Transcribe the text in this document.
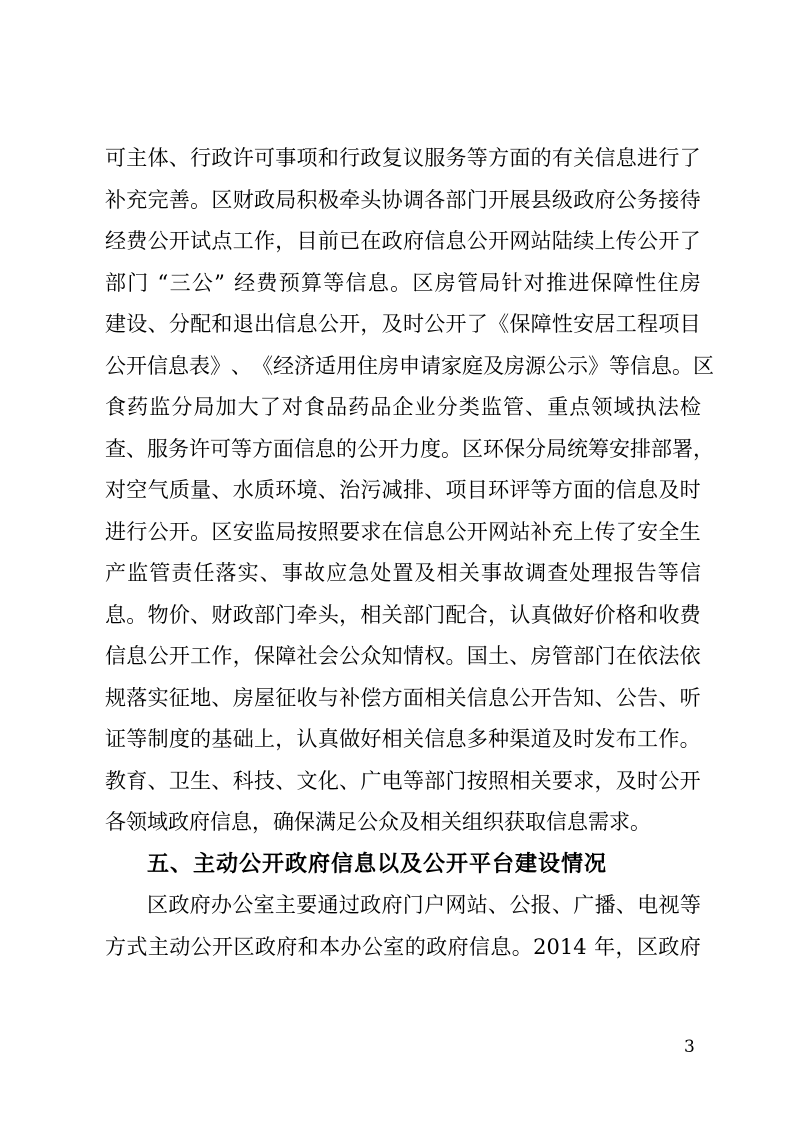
可 主 体 、 行 政 许 可 事 项 和 行 政 复 议 服 务 等 方 面 的 有 关 信 息 进 行 了
补 充 完 善 。 区 财 政 局 积 极 牵 头 协 调 各 部 门 开 展 县 级 政 府 公 务 接 待
经 费 公 开 试 点 工 作 ， 目 前 已 在 政 府 信 息 公 开 网 站 陆 续 上 传 公 开 了
部 门
“ 三 公 ”
经 费 预 算 等 信 息 。 区 房 管 局 针 对 推 进 保 障 性 住 房
建 设 、 分 配 和 退 出 信 息 公 开 ， 及 时 公 开 了 《 保 障 性 安 居 工 程 项 目
公 开 信 息 表 》 、 《 经 济 适 用 住 房 申 请 家 庭 及 房 源 公 示 》 等 信 息 。 区
食 药 监 分 局 加 大 了 对 食 品 药 品 企 业 分 类 监 管 、 重 点 领 域 执 法 检
查 、 服 务 许 可 等 方 面 信 息 的 公 开 力 度 。 区 环 保 分 局 统 筹 安 排 部 署 ，
对 空 气 质 量 、 水 质 环 境 、 治 污 减 排 、 项 目 环 评 等 方 面 的 信 息 及 时
进 行 公 开 。 区 安 监 局 按 照 要 求 在 信 息 公 开 网 站 补 充 上 传 了 安 全 生
产 监 管 责 任 落 实 、 事 故 应 急 处 置 及 相 关 事 故 调 查 处 理 报 告 等 信
息 。 物 价 、 财 政 部 门 牵 头 ， 相 关 部 门 配 合 ， 认 真 做 好 价 格 和 收 费
信 息 公 开 工 作 ， 保 障 社 会 公 众 知 情 权 。 国 土 、 房 管 部 门 在 依 法 依
规 落 实 征 地 、 房 屋 征 收 与 补 偿 方 面 相 关 信 息 公 开 告 知 、 公 告 、 听
证 等 制 度 的 基 础 上 ， 认 真 做 好 相 关 信 息 多 种 渠 道 及 时 发 布 工 作 。
教 育 、 卫 生 、 科 技 、 文 化 、 广 电 等 部 门 按 照 相 关 要 求 ， 及 时 公 开
各领域政府信息，确保满足公众及相关组织获取信息需求。
五、主动公开政府信息以及公开平台建设情况
区 政 府 办 公 室 主 要 通 过 政 府 门 户 网 站 、 公 报 、 广 播 、 电 视 等
方 式 主 动 公 开 区 政 府 和 本 办 公 室 的 政 府 信 息 。 2014
年 ， 区 政 府
3
